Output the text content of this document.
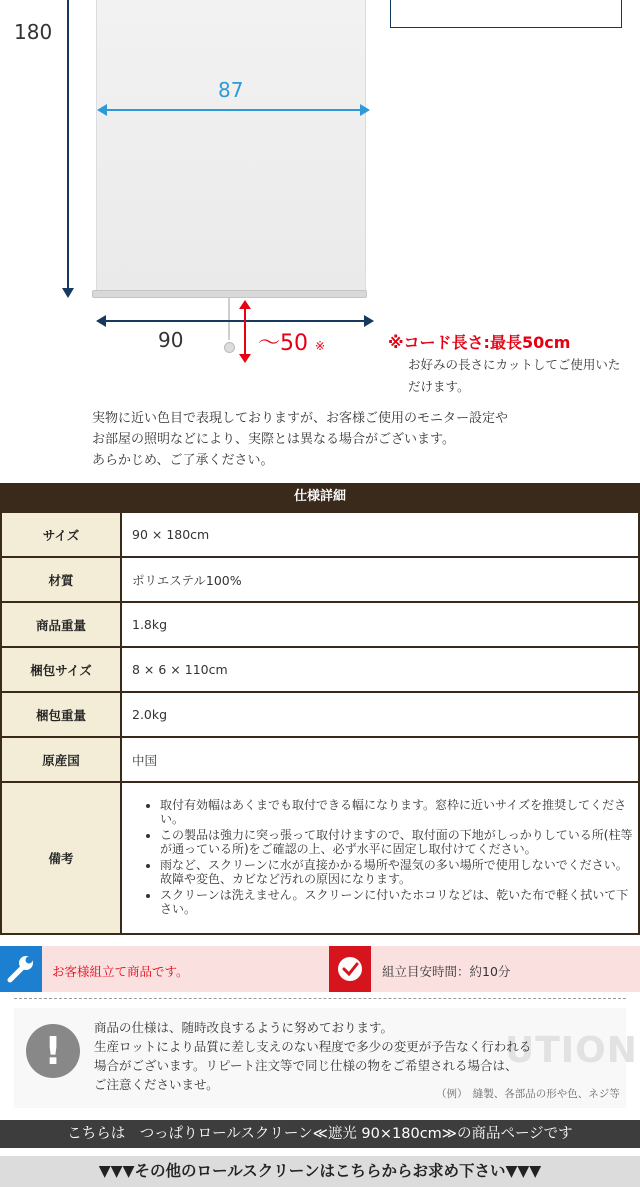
180
87
90	～50 ※	※コード長さ:最長50cm
お好みの長さにカットしてご使用いただけます。
実物に近い色目で表現しておりますが、お客様ご使用のモニター設定や
お部屋の照明などにより、実際とは異なる場合がございます。
あらかじめ、ご了承ください。
仕様詳細
サイズ	90 × 180cm
材質	ポリエステル100%
商品重量	1.8kg
梱包サイズ	8 × 6 × 110cm
梱包重量	2.0kg
原産国	中国
備考
• 取付有効幅はあくまでも取付できる幅になります。窓枠に近いサイズを推奨してください。
• この製品は強力に突っ張って取付けますので、取付面の下地がしっかりしている所(柱等が通っている所)をご確認の上、必ず水平に固定し取付けてください。
• 雨など、スクリーンに水が直接かかる場所や湿気の多い場所で使用しないでください。故障や変色、カビなど汚れの原因になります。
• スクリーンは洗えません。スクリーンに付いたホコリなどは、乾いた布で軽く拭いて下さい。
お客様組立て商品です。	組立目安時間：約10分
UTION
!
商品の仕様は、随時改良するように努めております。
生産ロットにより品質に差し支えのない程度で多少の変更が予告なく行われる
場合がございます。リピート注文等で同じ仕様の物をご希望される場合は、
ご注意くださいませ。
（例）　縫製、各部品の形や色、ネジ等
こちらは　つっぱりロールスクリーン≪遮光 90×180cm≫の商品ページです
▼▼▼その他のロールスクリーンはこちらからお求め下さい▼▼▼
